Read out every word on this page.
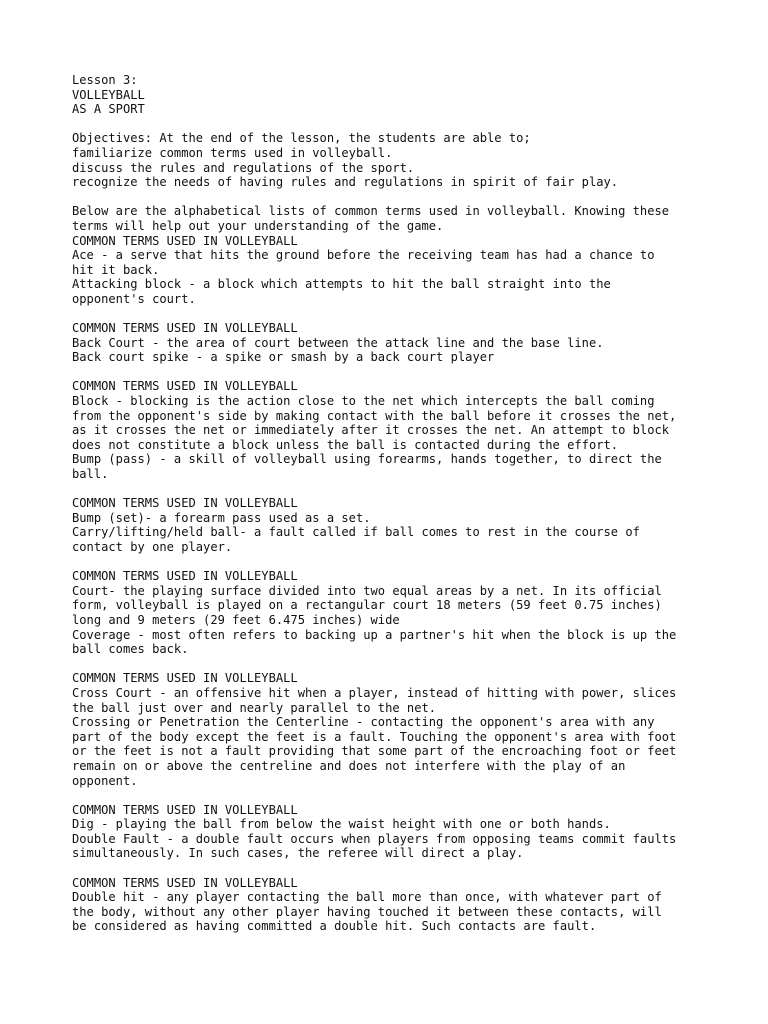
Lesson 3:
VOLLEYBALL
AS A SPORT
Objectives: At the end of the lesson, the students are able to;
familiarize common terms used in volleyball.
discuss the rules and regulations of the sport.
recognize the needs of having rules and regulations in spirit of fair play.
Below are the alphabetical lists of common terms used in volleyball. Knowing these
terms will help out your understanding of the game.
COMMON TERMS USED IN VOLLEYBALL
Ace - a serve that hits the ground before the receiving team has had a chance to
hit it back.
Attacking block - a block which attempts to hit the ball straight into the
opponent's court.
COMMON TERMS USED IN VOLLEYBALL
Back Court - the area of court between the attack line and the base line.
Back court spike - a spike or smash by a back court player
COMMON TERMS USED IN VOLLEYBALL
Block - blocking is the action close to the net which intercepts the ball coming
from the opponent's side by making contact with the ball before it crosses the net,
as it crosses the net or immediately after it crosses the net. An attempt to block
does not constitute a block unless the ball is contacted during the effort.
Bump (pass) - a skill of volleyball using forearms, hands together, to direct the
ball.
COMMON TERMS USED IN VOLLEYBALL
Bump (set)- a forearm pass used as a set.
Carry/lifting/held ball- a fault called if ball comes to rest in the course of
contact by one player.
COMMON TERMS USED IN VOLLEYBALL
Court- the playing surface divided into two equal areas by a net. In its official
form, volleyball is played on a rectangular court 18 meters (59 feet 0.75 inches)
long and 9 meters (29 feet 6.475 inches) wide
Coverage - most often refers to backing up a partner's hit when the block is up the
ball comes back.
COMMON TERMS USED IN VOLLEYBALL
Cross Court - an offensive hit when a player, instead of hitting with power, slices
the ball just over and nearly parallel to the net.
Crossing or Penetration the Centerline - contacting the opponent's area with any
part of the body except the feet is a fault. Touching the opponent's area with foot
or the feet is not a fault providing that some part of the encroaching foot or feet
remain on or above the centreline and does not interfere with the play of an
opponent.
COMMON TERMS USED IN VOLLEYBALL
Dig - playing the ball from below the waist height with one or both hands.
Double Fault - a double fault occurs when players from opposing teams commit faults
simultaneously. In such cases, the referee will direct a play.
COMMON TERMS USED IN VOLLEYBALL
Double hit - any player contacting the ball more than once, with whatever part of
the body, without any other player having touched it between these contacts, will
be considered as having committed a double hit. Such contacts are fault.
